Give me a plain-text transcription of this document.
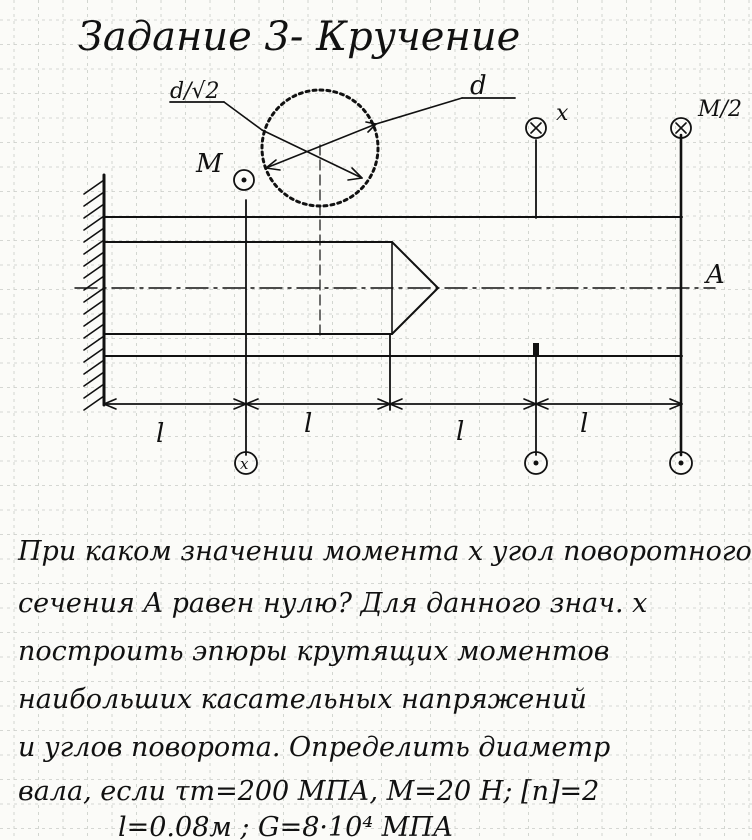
Задание 3- Кручение
l	l	l	l
d/√2	d
M
x	M/2
A
x
При каком значении момента x угол поворотного
сечения A равен нулю? Для данного знач. x
построить эпюры крутящих моментов
наибольших касательных напряжений
и углов поворота. Определить диаметр
вала, если τт=200 МПА, M=20 H; [n]=2
l=0.08м ; G=8·10⁴ МПА
